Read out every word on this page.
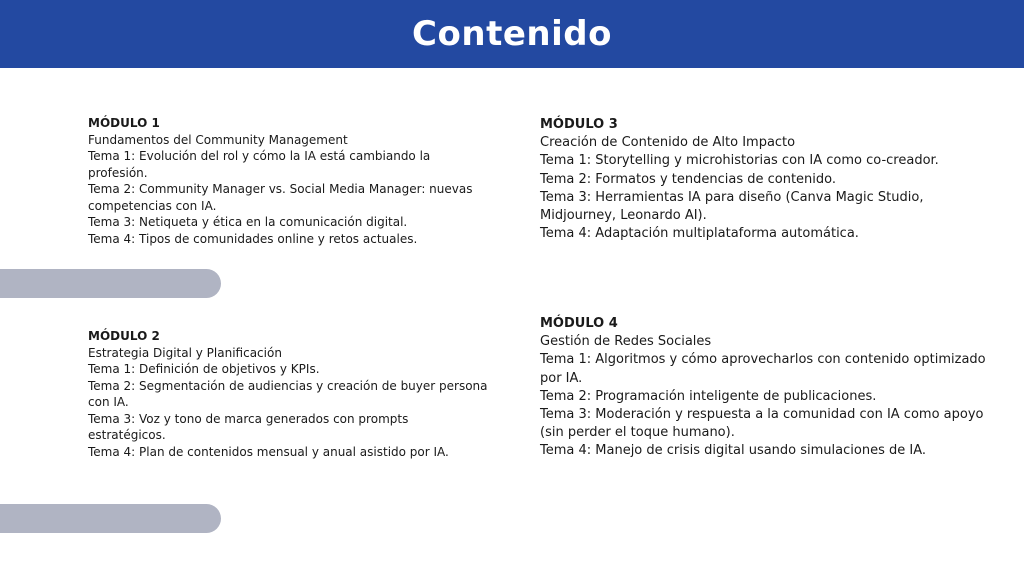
Contenido
MÓDULO 1
Fundamentos del Community Management
Tema 1: Evolución del rol y cómo la IA está cambiando la profesión.
Tema 2: Community Manager vs. Social Media Manager: nuevas competencias con IA.
Tema 3: Netiqueta y ética en la comunicación digital.
Tema 4: Tipos de comunidades online y retos actuales.
MÓDULO 2
Estrategia Digital y Planificación
Tema 1: Definición de objetivos y KPIs.
Tema 2: Segmentación de audiencias y creación de buyer persona con IA.
Tema 3: Voz y tono de marca generados con prompts estratégicos.
Tema 4: Plan de contenidos mensual y anual asistido por IA.
MÓDULO 3
Creación de Contenido de Alto Impacto
Tema 1: Storytelling y microhistorias con IA como co-creador.
Tema 2: Formatos y tendencias de contenido.
Tema 3: Herramientas IA para diseño (Canva Magic Studio, Midjourney, Leonardo AI).
Tema 4: Adaptación multiplataforma automática.
MÓDULO 4
Gestión de Redes Sociales
Tema 1: Algoritmos y cómo aprovecharlos con contenido optimizado por IA.
Tema 2: Programación inteligente de publicaciones.
Tema 3: Moderación y respuesta a la comunidad con IA como apoyo (sin perder el toque humano).
Tema 4: Manejo de crisis digital usando simulaciones de IA.
